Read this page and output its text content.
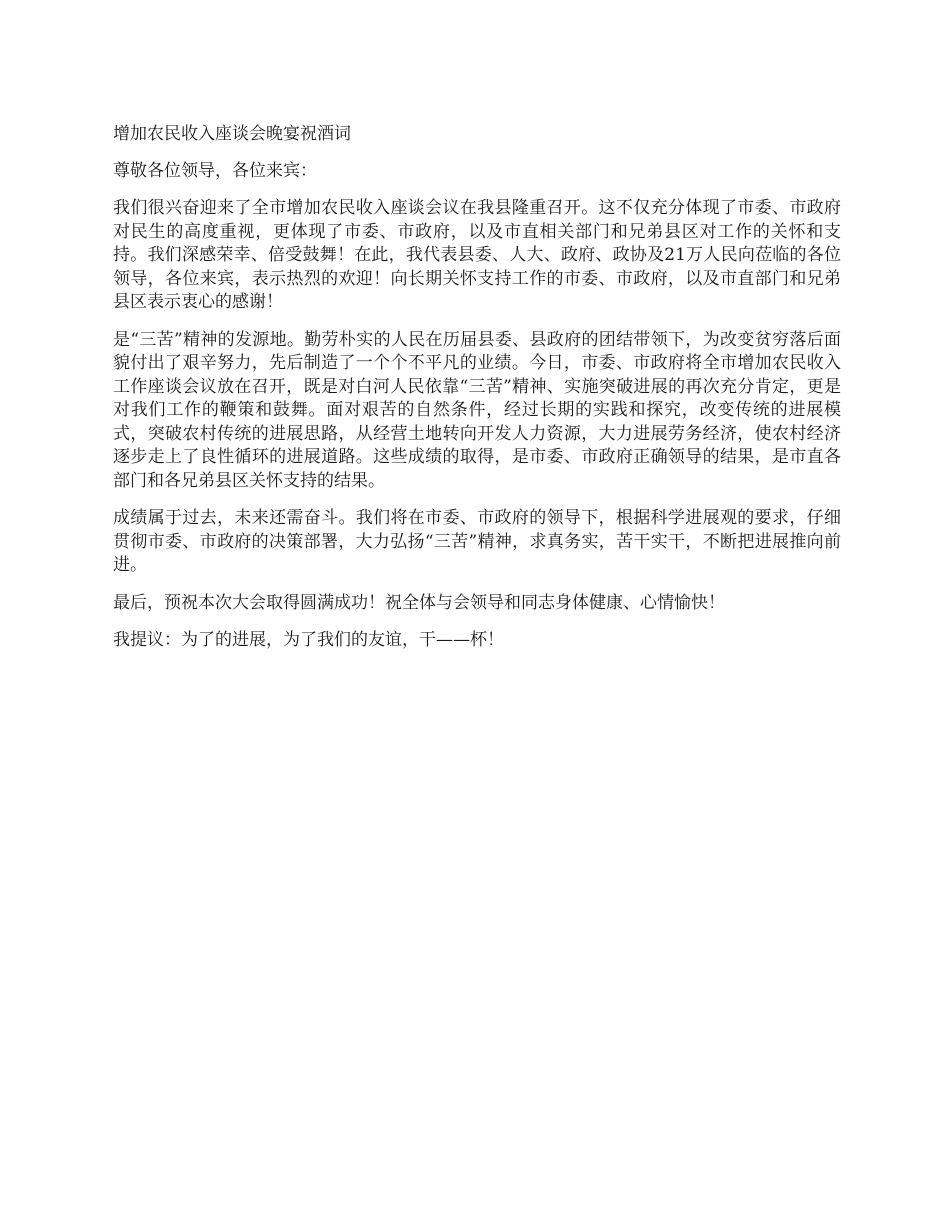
增加农民收入座谈会晚宴祝酒词
尊敬各位领导，各位来宾：

我们很兴奋迎来了全市增加农民收入座谈会议在我县隆重召开。这不仅充分体现了市委、市政府对民生的高度重视，更体现了市委、市政府，以及市直相关部门和兄弟县区对工作的关怀和支持。我们深感荣幸、倍受鼓舞！在此，我代表县委、人大、政府、政协及21万人民向莅临的各位领导，各位来宾，表示热烈的欢迎！向长期关怀支持工作的市委、市政府，以及市直部门和兄弟县区表示衷心的感谢！

是“三苦”精神的发源地。勤劳朴实的人民在历届县委、县政府的团结带领下，为改变贫穷落后面貌付出了艰辛努力，先后制造了一个个不平凡的业绩。今日，市委、市政府将全市增加农民收入工作座谈会议放在召开，既是对白河人民依靠“三苦”精神、实施突破进展的再次充分肯定，更是对我们工作的鞭策和鼓舞。面对艰苦的自然条件，经过长期的实践和探究，改变传统的进展模式，突破农村传统的进展思路，从经营土地转向开发人力资源，大力进展劳务经济，使农村经济逐步走上了良性循环的进展道路。这些成绩的取得，是市委、市政府正确领导的结果，是市直各部门和各兄弟县区关怀支持的结果。

成绩属于过去，未来还需奋斗。我们将在市委、市政府的领导下，根据科学进展观的要求，仔细贯彻市委、市政府的决策部署，大力弘扬“三苦”精神，求真务实，苦干实干，不断把进展推向前进。

最后，预祝本次大会取得圆满成功！祝全体与会领导和同志身体健康、心情愉快！

我提议：为了的进展，为了我们的友谊，干——杯！
